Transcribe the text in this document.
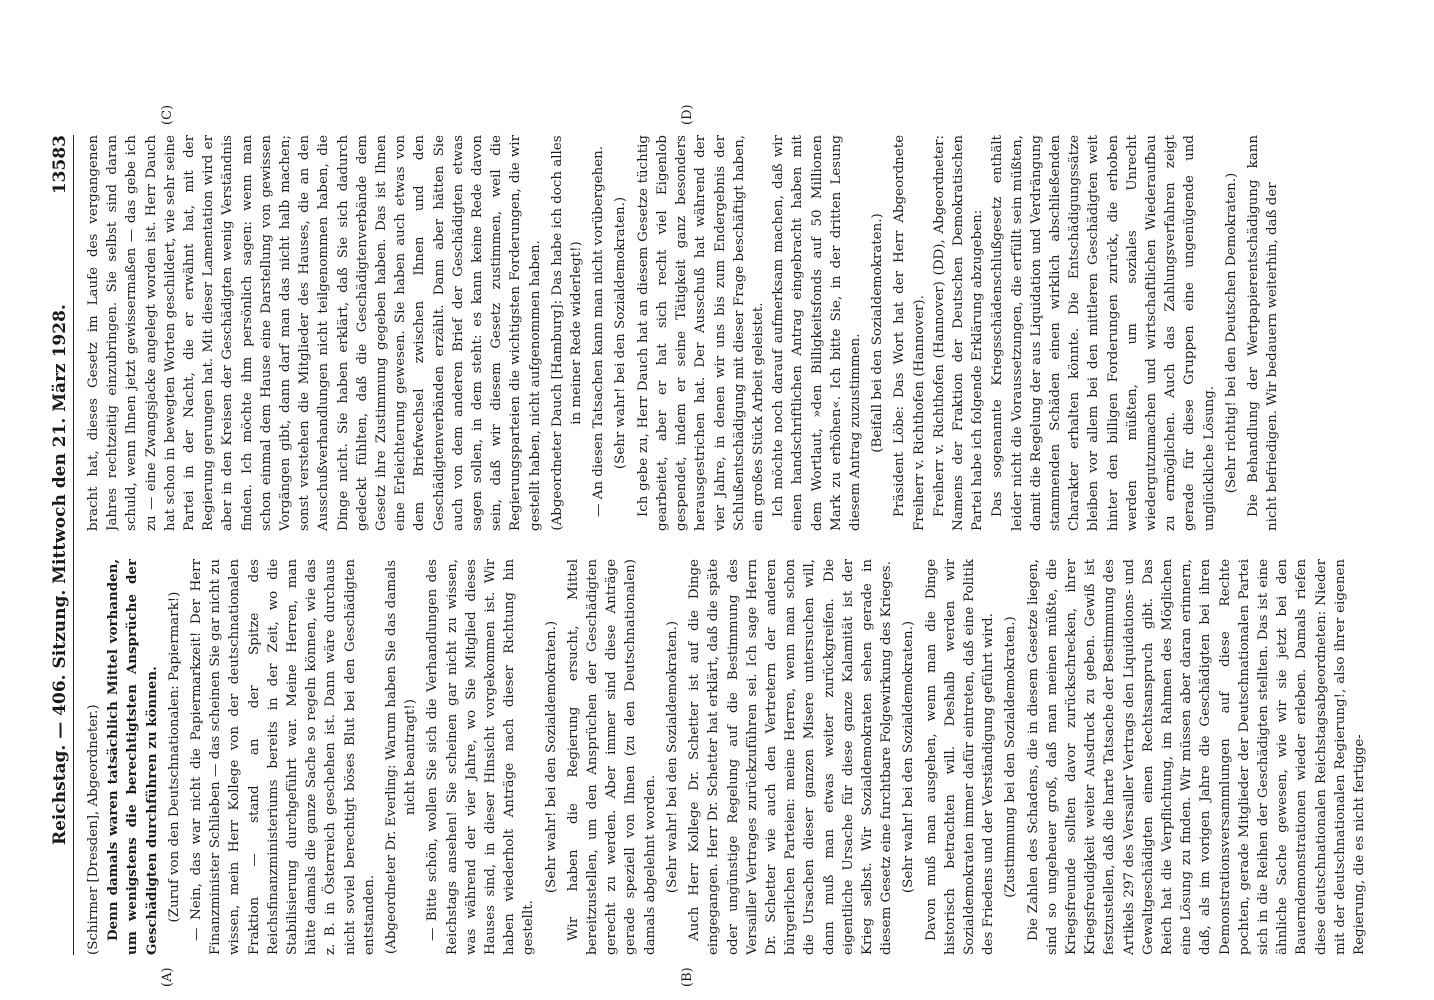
Reichstag. — 406. Sitzung. Mittwoch den 21. März 1928.
13583

(Schirmer [Dresden], Abgeordneter.) Denn damals waren tatsächlich Mittel vorhanden, um wenigstens die berechtigtsten Ansprüche der Geschädigten durchführen zu können. (Zuruf von den Deutschnationalen: Papiermark!) — Nein, das war nicht die Papiermarkzeit! Der Herr Finanzminister Schlieben — das scheinen Sie gar nicht zu wissen, mein Herr Kollege von der deutschnationalen Fraktion — stand an der Spitze des Reichsfinanzministeriums bereits in der Zeit, wo die Stabilisierung durchgeführt war. Meine Herren, man hätte damals die ganze Sache so regeln können, wie das z. B. in Österreich geschehen ist. Dann wäre durchaus nicht soviel berechtigt böses Blut bei den Geschädigten entstanden. (Abgeordneter Dr. Everling: Warum haben Sie das damals nicht beantragt!) — Bitte schön, wollen Sie sich die Verhandlungen des Reichstags ansehen! Sie scheinen gar nicht zu wissen, was während der vier Jahre, wo Sie Mitglied dieses Hauses sind, in dieser Hinsicht vorgekommen ist. Wir haben wiederholt Anträge nach dieser Richtung hin gestellt.

(Sehr wahr! bei den Sozialdemokraten.) Wir haben die Regierung ersucht, Mittel bereitzustellen, um den Ansprüchen der Geschädigten gerecht zu werden. Aber immer sind diese Anträge gerade speziell von Ihnen (zu den Deutschnationalen) damals abgelehnt worden. (Sehr wahr! bei den Sozialdemokraten.) Auch Herr Kollege Dr. Schetter ist auf die Dinge eingegangen. Herr Dr. Schetter hat erklärt, daß die späte oder ungünstige Regelung auf die Bestimmung des Versailler Vertrages zurückzuführen sei. Ich sage Herrn Dr. Schetter wie auch den Vertretern der anderen bürgerlichen Parteien: meine Herren, wenn man schon die Ursachen dieser ganzen Misere untersuchen will, dann muß man etwas weiter zurückgreifen. Die eigentliche Ursache für diese ganze Kalamität ist der Krieg selbst. Wir Sozialdemokraten sehen gerade in diesem Gesetz eine furchtbare Folgewirkung des Krieges. (Sehr wahr! bei den Sozialdemokraten.) Davon muß man ausgehen, wenn man die Dinge historisch betrachten will. Deshalb werden wir Sozialdemokraten immer dafür eintreten, daß eine Politik des Friedens und der Verständigung geführt wird. (Zustimmung bei den Sozialdemokraten.) Die Zahlen des Schadens, die in diesem Gesetze liegen, sind so ungeheuer groß, daß man meinen müßte, die Kriegsfreunde sollten davor zurückschrecken, ihrer Kriegsfreudigkeit weiter Ausdruck zu geben. Gewiß ist festzustellen, daß die harte Tatsache der Bestimmung des Artikels 297 des Versailler Vertrags den Liquidations- und Gewaltgeschädigten einen Rechtsanspruch gibt. Das Reich hat die Verpflichtung, im Rahmen des Möglichen eine Lösung zu finden. Wir müssen aber daran erinnern, daß, als im vorigen Jahre die Geschädigten bei ihren Demonstrationsversammlungen auf diese Rechte pochten, gerade Mitglieder der Deutschnationalen Partei sich in die Reihen der Geschädigten stellten. Das ist eine ähnliche Sache gewesen, wie wir sie jetzt bei den Bauerndemonstrationen wieder erleben. Damals riefen diese deutschnationalen Reichstagsabgeordneten: Nieder mit der deutschnationalen Regierung!, also ihrer eigenen Regierung, die es nicht fertigge-

bracht hat, dieses Gesetz im Laufe des vergangenen Jahres rechtzeitig einzubringen. Sie selbst sind daran schuld, wenn Ihnen jetzt gewissermaßen — das gebe ich zu — eine Zwangsjacke angelegt worden ist. Herr Dauch hat schon in bewegten Worten geschildert, wie sehr seine Partei in der Nacht, die er erwähnt hat, mit der Regierung gerungen hat. Mit dieser Lamentation wird er aber in den Kreisen der Geschädigten wenig Verständnis finden. Ich möchte ihm persönlich sagen: wenn man schon einmal dem Hause eine Darstellung von gewissen Vorgängen gibt, dann darf man das nicht halb machen; sonst verstehen die Mitglieder des Hauses, die an den Ausschußverhandlungen nicht teilgenommen haben, die Dinge nicht. Sie haben erklärt, daß Sie sich dadurch gedeckt fühlten, daß die Geschädigtenverbände dem Gesetz ihre Zustimmung gegeben haben. Das ist Ihnen eine Erleichterung gewesen. Sie haben auch etwas von dem Briefwechsel zwischen Ihnen und den Geschädigtenverbänden erzählt. Dann aber hätten Sie auch von dem anderen Brief der Geschädigten etwas sagen sollen, in dem steht: es kann keine Rede davon sein, daß wir diesem Gesetz zustimmen, weil die Regierungsparteien die wichtigsten Forderungen, die wir gestellt haben, nicht aufgenommen haben. (Abgeordneter Dauch [Hamburg]: Das habe ich doch alles in meiner Rede widerlegt!) — An diesen Tatsachen kann man nicht vorübergehen. (Sehr wahr! bei den Sozialdemokraten.) Ich gebe zu, Herr Dauch hat an diesem Gesetze tüchtig gearbeitet, aber er hat sich recht viel Eigenlob gespendet, indem er seine Tätigkeit ganz besonders herausgestrichen hat. Der Ausschuß hat während der vier Jahre, in denen wir uns bis zum Endergebnis der Schlußentschädigung mit dieser Frage beschäftigt haben, ein großes Stück Arbeit geleistet. Ich möchte noch darauf aufmerksam machen, daß wir einen handschriftlichen Antrag eingebracht haben mit dem Wortlaut, »den Billigkeitsfonds auf 50 Millionen Mark zu erhöhen«. Ich bitte Sie, in der dritten Lesung diesem Antrag zuzustimmen. (Beifall bei den Sozialdemokraten.) Präsident Löbe: Das Wort hat der Herr Abgeordnete Freiherr v. Richthofen (Hannover). Freiherr v. Richthofen (Hannover) (DD), Abgeordneter: Namens der Fraktion der Deutschen Demokratischen Partei habe ich folgende Erklärung abzugeben: Das sogenannte Kriegsschädenschlußgesetz enthält leider nicht die Voraussetzungen, die erfüllt sein müßten, damit die Regelung der aus Liquidation und Verdrängung stammenden Schäden einen wirklich abschließenden Charakter erhalten könnte. Die Entschädigungssätze bleiben vor allem bei den mittleren Geschädigten weit hinter den billigen Forderungen zurück, die erhoben werden müßten, um soziales Unrecht wiedergutzumachen und wirtschaftlichen Wiederaufbau zu ermöglichen. Auch das Zahlungsverfahren zeigt gerade für diese Gruppen eine ungenügende und unglückliche Lösung. (Sehr richtig! bei den Deutschen Demokraten.) Die Behandlung der Wertpapierentschädigung kann nicht befriedigen. Wir bedauern weiterhin, daß der

(A)	(B)
(C)	(D)
